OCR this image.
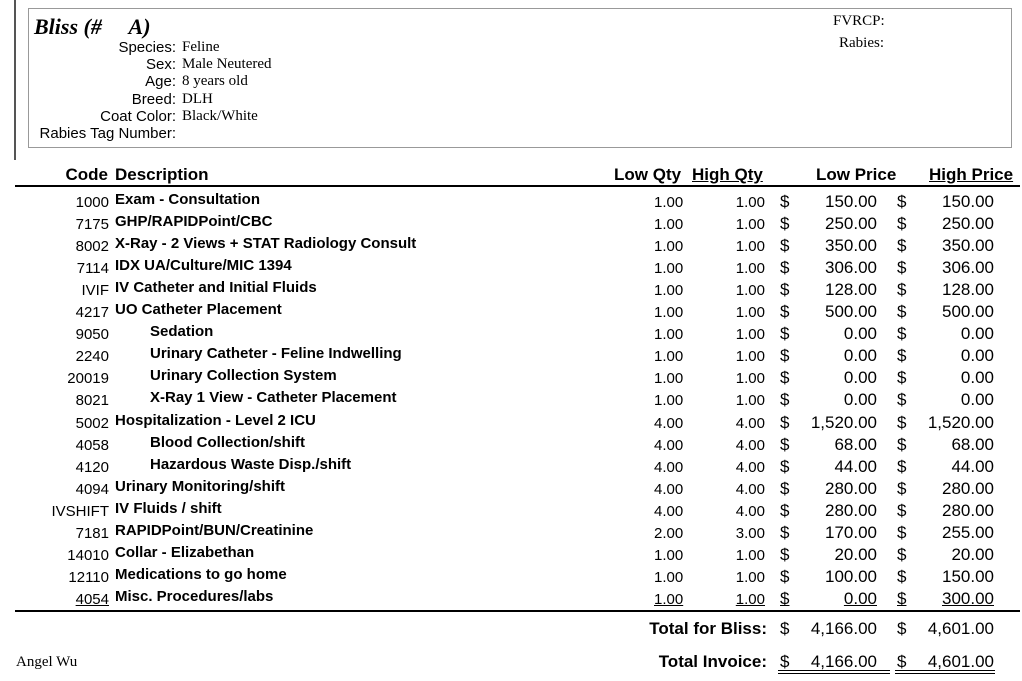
Bliss (#     A)
Species: Feline
Sex: Male Neutered
Age: 8 years old
Breed: DLH
Coat Color: Black/White
Rabies Tag Number:
FVRCP:
Rabies:
Code Description	Low Qty High Qty	Low Price High Price
1000 Exam - Consultation	1.00	1.00 $ 150.00 $ 150.00
7175 GHP/RAPIDPoint/CBC	1.00	1.00 $ 250.00 $ 250.00
8002 X-Ray - 2 Views + STAT Radiology Consult	1.00	1.00 $ 350.00 $ 350.00
7114 IDX UA/Culture/MIC 1394	1.00	1.00 $ 306.00 $ 306.00
IVIF IV Catheter and Initial Fluids	1.00	1.00 $ 128.00 $ 128.00
4217 UO Catheter Placement	1.00	1.00 $ 500.00 $ 500.00
9050	Sedation	1.00	1.00 $	0.00 $	0.00
2240	Urinary Catheter - Feline Indwelling	1.00	1.00 $	0.00 $	0.00
20019	Urinary Collection System	1.00	1.00 $	0.00 $	0.00
8021	X-Ray 1 View - Catheter Placement	1.00	1.00 $	0.00 $	0.00
5002 Hospitalization - Level 2 ICU	4.00	4.00 $ 1,520.00 $ 1,520.00
4058	Blood Collection/shift	4.00	4.00 $	68.00 $	68.00
4120	Hazardous Waste Disp./shift	4.00	4.00 $	44.00 $	44.00
4094 Urinary Monitoring/shift	4.00	4.00 $ 280.00 $ 280.00
IVSHIFT IV Fluids / shift	4.00	4.00 $ 280.00 $ 280.00
7181 RAPIDPoint/BUN/Creatinine	2.00	3.00 $ 170.00 $ 255.00
14010 Collar - Elizabethan	1.00	1.00 $	20.00 $	20.00
12110 Medications to go home	1.00	1.00 $ 100.00 $ 150.00
4054 Misc. Procedures/labs	1.00	1.00 $	0.00 $ 300.00
Total for Bliss: $ 4,166.00 $ 4,601.00
Total Invoice: $ 4,166.00 $ 4,601.00
Angel Wu
